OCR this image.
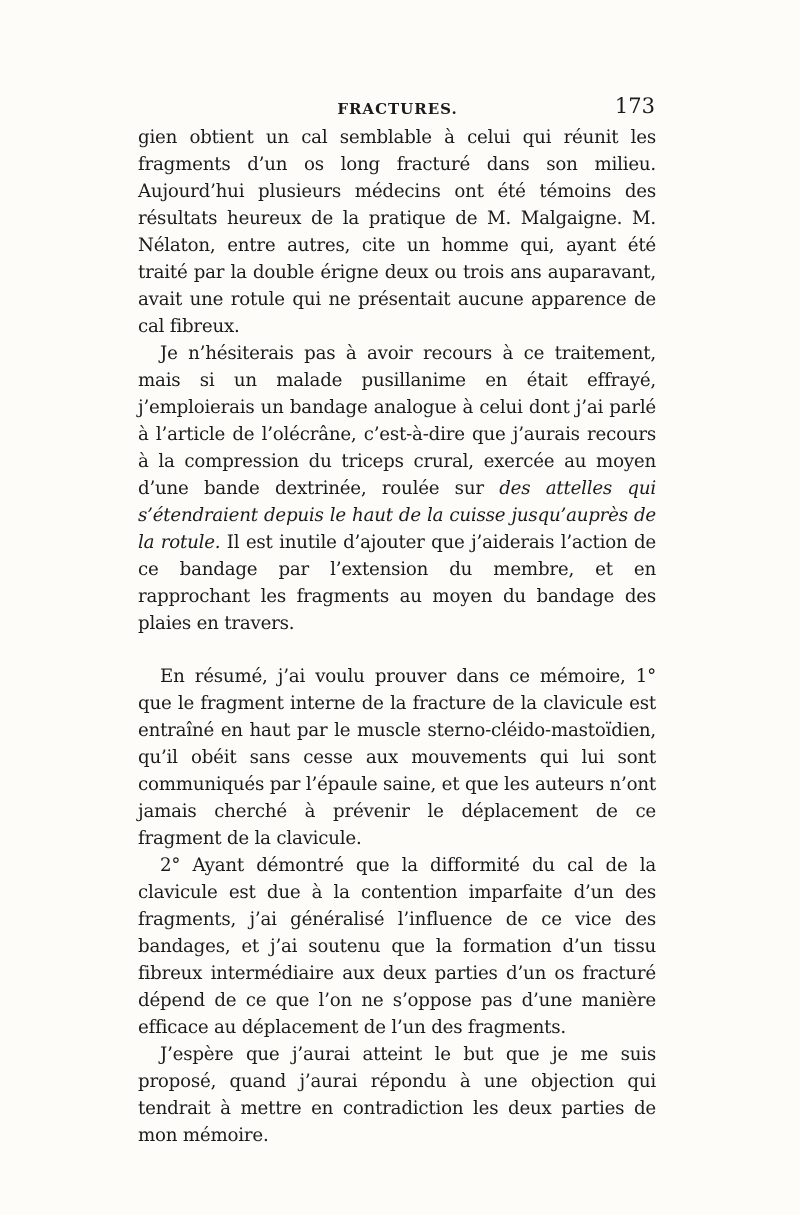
FRACTURES.	173

gien obtient un cal semblable à celui qui réunit les fragments d’un os long fracturé dans son milieu. Aujourd’hui plusieurs médecins ont été témoins des résultats heureux de la pratique de M. Malgaigne. M. Nélaton, entre autres, cite un homme qui, ayant été traité par la double érigne deux ou trois ans auparavant, avait une rotule qui ne présentait aucune apparence de cal fibreux.

Je n’hésiterais pas à avoir recours à ce traitement, mais si un malade pusillanime en était effrayé, j’emploierais un bandage analogue à celui dont j’ai parlé à l’article de l’olécrâne, c’est-à-dire que j’aurais recours à la compression du triceps crural, exercée au moyen d’une bande dextrinée, roulée sur des attelles qui s’étendraient depuis le haut de la cuisse jusqu’auprès de la rotule. Il est inutile d’ajouter que j’aiderais l’action de ce bandage par l’extension du membre, et en rapprochant les fragments au moyen du bandage des plaies en travers.

En résumé, j’ai voulu prouver dans ce mémoire, 1° que le fragment interne de la fracture de la clavicule est entraîné en haut par le muscle sterno-cléido-mastoïdien, qu’il obéit sans cesse aux mouvements qui lui sont communiqués par l’épaule saine, et que les auteurs n’ont jamais cherché à prévenir le déplacement de ce fragment de la clavicule.

2° Ayant démontré que la difformité du cal de la clavicule est due à la contention imparfaite d’un des fragments, j’ai généralisé l’influence de ce vice des bandages, et j’ai soutenu que la formation d’un tissu fibreux intermédiaire aux deux parties d’un os fracturé dépend de ce que l’on ne s’oppose pas d’une manière efficace au déplacement de l’un des fragments.

J’espère que j’aurai atteint le but que je me suis proposé, quand j’aurai répondu à une objection qui tendrait à mettre en contradiction les deux parties de mon mémoire.
